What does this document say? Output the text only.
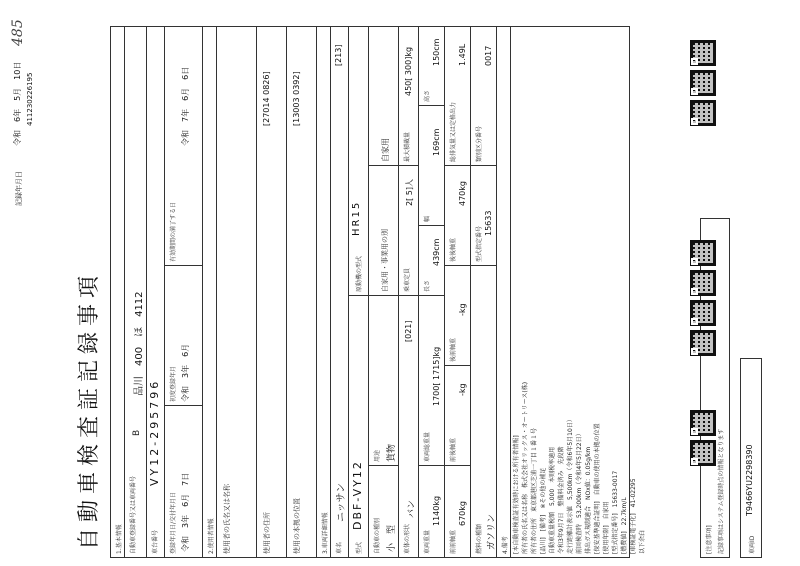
記録年月日
令和　6年　5月　10日 411230226195
485
B
自動車検査証記録事項	1.基本情報	自動車登録番号又は車両番号
品川　400　ほ　4112
車台番号
VY12-295796
登録年月日/交付年月日 令和　3年　6月　7日
初度登録年月 令和　3年　6月
有効期間の満了する日
令和　7年　6月　6日
2.使用者情報 使用者の氏名又は名称	使用者の住所
[27014 0826]
使用の本拠の位置
[13003 0392]
3.車両詳細情報	車名
ニッサン
[213]
型式
DBF-VY12
原動機の型式
HR15
自動車の種別 小　型
用途 貨物
自家用・事業用の別
自家用
車体の形状
バン
[021]
乗車定員
2[ 5]人
最大積載量
450[ 300]kg
車両重量
1140kg
車両総重量
1700[ 1715]kg
長さ
439cm
幅
169cm
高さ
150cm
前前軸重
670kg
前後軸重
-kg
後前軸重
-kg
後後軸重
470kg
総排気量又は定格出力
1.49L
燃料の種類 ガソリン
型式指定番号
15633
類別区分番号
0017
4.備考 [本自動車検査証有効時における所有者情報] 所有者の氏名又は名称　株式会社オリックス・オートリース(株) 所有者の住所　東京都港区芝浦一丁目１番１号 [品川]　[備考]　※その他の補足 自動車重量税額　5,000　本則税率適用 令和3年9月7日　整備料金済み　先段階 走行距離計表示値　5,500km（令和6年5月10日） 前回検査時　53,200km（令和4年5月22日） 排出ガス規制適合　NOx値：0.05g/km [保安基準適合証明]　自動車の使用の本拠の位置 [使用年限]　自家用 [型式指定番号]　15633-0017 [燃費値]　22.7km/L [車検証電子化]　41-02295 以下余白	[注意事項] 記録事項はシステム登録時点の情報となります	車両ID
T9466YU2298390
